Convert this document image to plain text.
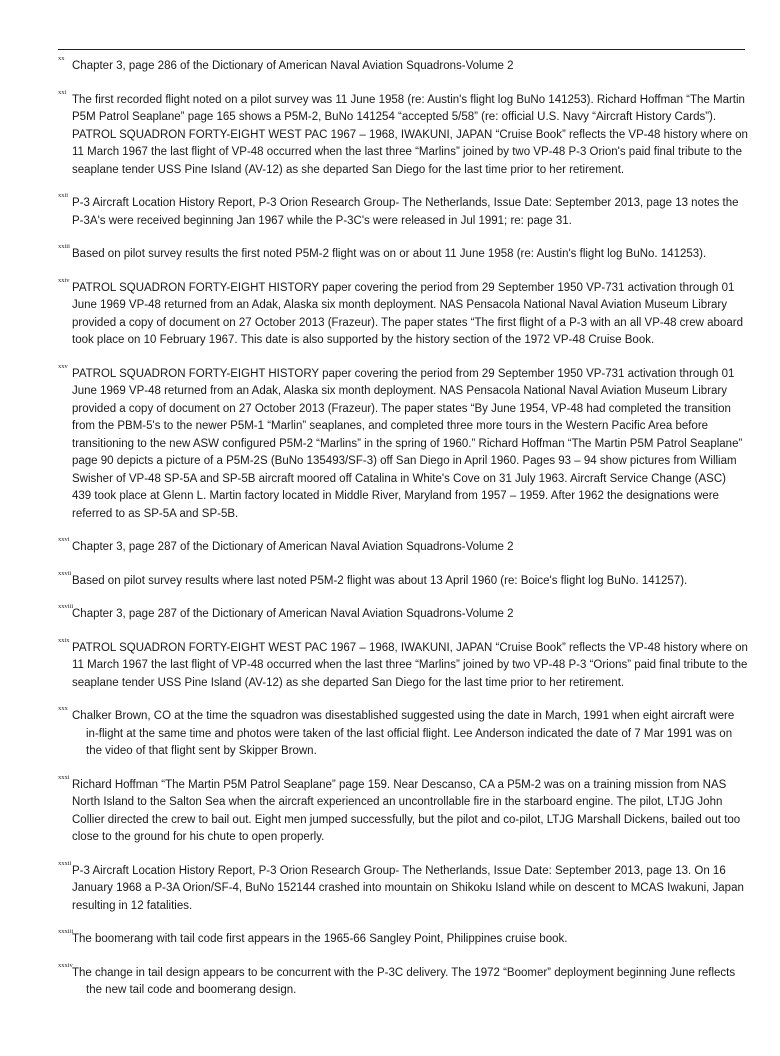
xx
Chapter 3, page 286 of the Dictionary of American Naval Aviation Squadrons-Volume 2

xxi
The first recorded flight noted on a pilot survey was 11 June 1958 (re: Austin's flight log BuNo 141253). Richard Hoffman “The Martin P5M Patrol Seaplane” page 165 shows a P5M-2, BuNo 141254 “accepted 5/58” (re: official U.S. Navy “Aircraft History Cards”). PATROL SQUADRON FORTY-EIGHT WEST PAC 1967 – 1968, IWAKUNI, JAPAN “Cruise Book” reflects the VP-48 history where on 11 March 1967 the last flight of VP-48 occurred when the last three “Marlins” joined by two VP-48 P-3 Orion's paid final tribute to the seaplane tender USS Pine Island (AV-12) as she departed San Diego for the last time prior to her retirement.

xxii
P-3 Aircraft Location History Report, P-3 Orion Research Group- The Netherlands, Issue Date: September 2013, page 13 notes the P-3A's were received beginning Jan 1967 while the P-3C's were released in Jul 1991; re: page 31.

xxiii
Based on pilot survey results the first noted P5M-2 flight was on or about 11 June 1958 (re: Austin's flight log BuNo. 141253).

xxiv
PATROL SQUADRON FORTY-EIGHT HISTORY paper covering the period from 29 September 1950 VP-731 activation through 01 June 1969 VP-48 returned from an Adak, Alaska six month deployment. NAS Pensacola National Naval Aviation Museum Library provided a copy of document on 27 October 2013 (Frazeur). The paper states “The first flight of a P-3 with an all VP-48 crew aboard took place on 10 February 1967. This date is also supported by the history section of the 1972 VP-48 Cruise Book.

xxv
PATROL SQUADRON FORTY-EIGHT HISTORY paper covering the period from 29 September 1950 VP-731 activation through 01 June 1969 VP-48 returned from an Adak, Alaska six month deployment. NAS Pensacola National Naval Aviation Museum Library provided a copy of document on 27 October 2013 (Frazeur). The paper states “By June 1954, VP-48 had completed the transition from the PBM-5's to the newer P5M-1 “Marlin” seaplanes, and completed three more tours in the Western Pacific Area before transitioning to the new ASW configured P5M-2 “Marlins” in the spring of 1960.” Richard Hoffman “The Martin P5M Patrol Seaplane” page 90 depicts a picture of a P5M-2S (BuNo 135493/SF-3) off San Diego in April 1960. Pages 93 – 94 show pictures from William Swisher of VP-48 SP-5A and SP-5B aircraft moored off Catalina in White's Cove on 31 July 1963. Aircraft Service Change (ASC) 439 took place at Glenn L. Martin factory located in Middle River, Maryland from 1957 – 1959. After 1962 the designations were referred to as SP-5A and SP-5B.

xxvi
Chapter 3, page 287 of the Dictionary of American Naval Aviation Squadrons-Volume 2

xxvii
Based on pilot survey results where last noted P5M-2 flight was about 13 April 1960 (re: Boice's flight log BuNo. 141257).

xxviii
Chapter 3, page 287 of the Dictionary of American Naval Aviation Squadrons-Volume 2

xxix
PATROL SQUADRON FORTY-EIGHT WEST PAC 1967 – 1968, IWAKUNI, JAPAN “Cruise Book” reflects the VP-48 history where on 11 March 1967 the last flight of VP-48 occurred when the last three “Marlins” joined by two VP-48 P-3 “Orions” paid final tribute to the seaplane tender USS Pine Island (AV-12) as she departed San Diego for the last time prior to her retirement.

xxx
Chalker Brown, CO at the time the squadron was disestablished suggested using the date in March, 1991 when eight aircraft were in-flight at the same time and photos were taken of the last official flight. Lee Anderson indicated the date of 7 Mar 1991 was on the video of that flight sent by Skipper Brown.

xxxi
Richard Hoffman “The Martin P5M Patrol Seaplane” page 159. Near Descanso, CA a P5M-2 was on a training mission from NAS North Island to the Salton Sea when the aircraft experienced an uncontrollable fire in the starboard engine. The pilot, LTJG John Collier directed the crew to bail out. Eight men jumped successfully, but the pilot and co-pilot, LTJG Marshall Dickens, bailed out too close to the ground for his chute to open properly.

xxxii
P-3 Aircraft Location History Report, P-3 Orion Research Group- The Netherlands, Issue Date: September 2013, page 13. On 16 January 1968 a P-3A Orion/SF-4, BuNo 152144 crashed into mountain on Shikoku Island while on descent to MCAS Iwakuni, Japan resulting in 12 fatalities.

xxxiii
The boomerang with tail code first appears in the 1965-66 Sangley Point, Philippines cruise book.

xxxiv
The change in tail design appears to be concurrent with the P-3C delivery. The 1972 “Boomer” deployment beginning June reflects the new tail code and boomerang design.
